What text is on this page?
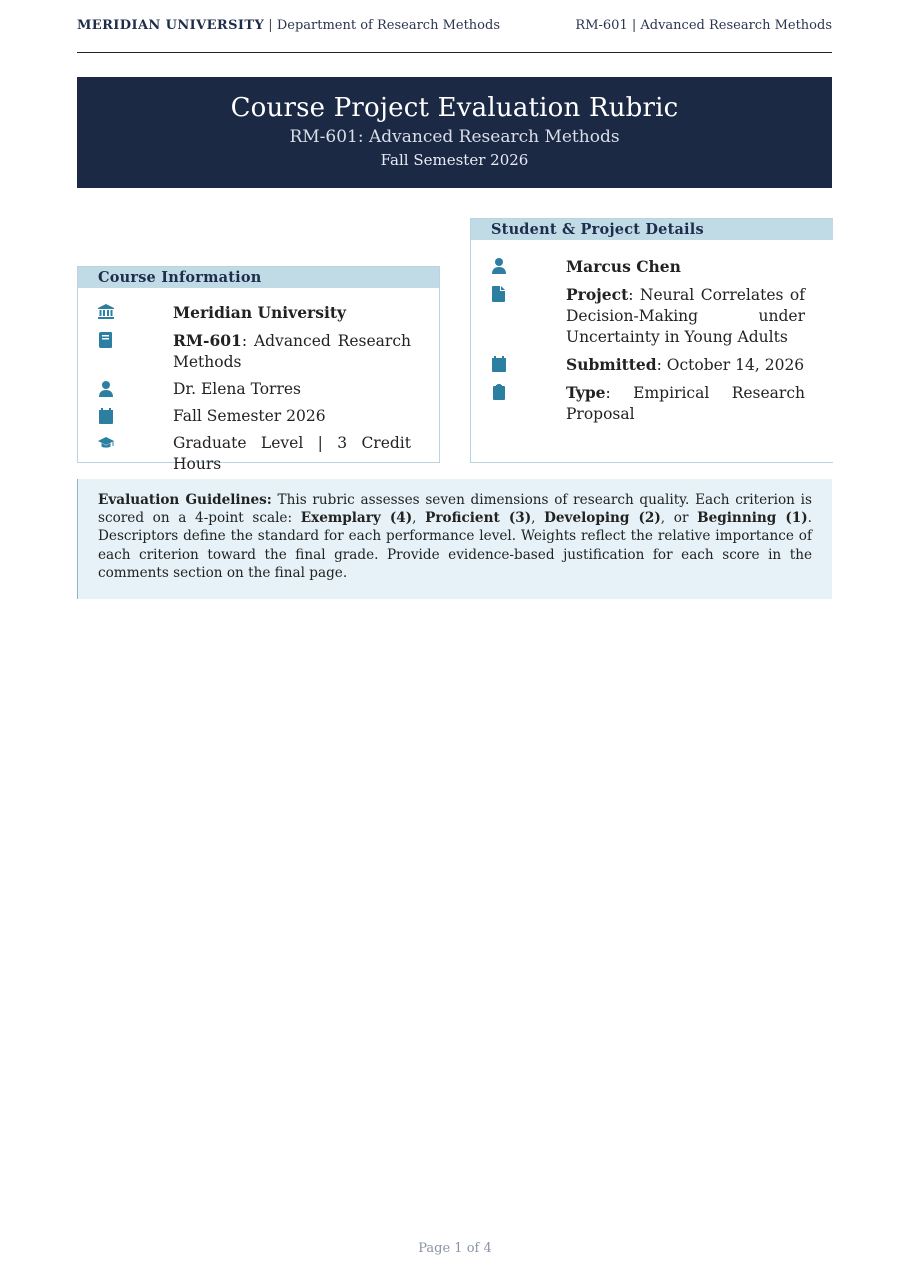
MERIDIAN UNIVERSITY | Department of Research Methods	RM-601 | Advanced Research Methods
Course Project Evaluation Rubric
RM-601: Advanced Research Methods
Fall Semester 2026
Course Information
Meridian University
RM-601: Advanced Research Methods
Dr. Elena Torres
Fall Semester 2026
Graduate Level | 3 Credit Hours
Student & Project Details
Marcus Chen
Project: Neural Correlates of Decision-Making under Uncertainty in Young Adults
Submitted: October 14, 2026
Type: Empirical Research Proposal
Evaluation Guidelines: This rubric assesses seven dimensions of research quality. Each criterion is scored on a 4-point scale: Exemplary (4), Proficient (3), Developing (2), or Beginning (1). Descriptors define the standard for each performance level. Weights reflect the relative importance of each criterion toward the final grade. Provide evidence-based justification for each score in the comments section on the final page.
Page 1 of 4
